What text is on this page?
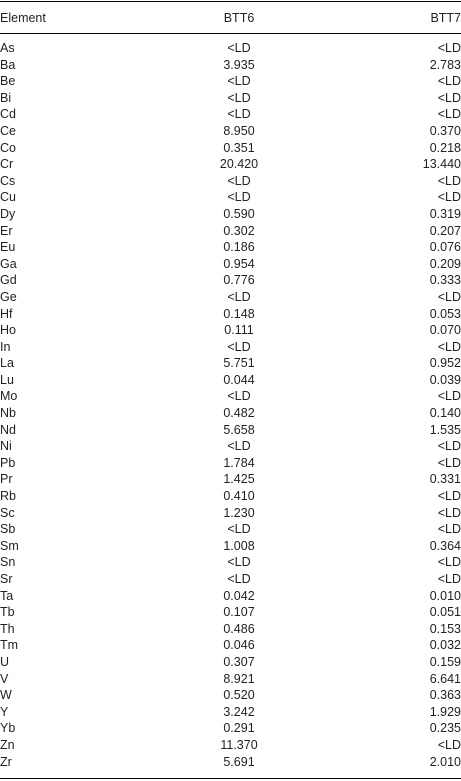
Element	BTT6	BTT7
As	<LD	<LD
Ba	3.935	2.783
Be	<LD	<LD
Bi	<LD	<LD
Cd	<LD	<LD
Ce	8.950	0.370
Co	0.351	0.218
Cr	20.420	13.440
Cs	<LD	<LD
Cu	<LD	<LD
Dy	0.590	0.319
Er	0.302	0.207
Eu	0.186	0.076
Ga	0.954	0.209
Gd	0.776	0.333
Ge	<LD	<LD
Hf	0.148	0.053
Ho	0.111	0.070
In	<LD	<LD
La	5.751	0.952
Lu	0.044	0.039
Mo	<LD	<LD
Nb	0.482	0.140
Nd	5.658	1.535
Ni	<LD	<LD
Pb	1.784	<LD
Pr	1.425	0.331
Rb	0.410	<LD
Sc	1.230	<LD
Sb	<LD	<LD
Sm	1.008	0.364
Sn	<LD	<LD
Sr	<LD	<LD
Ta	0.042	0.010
Tb	0.107	0.051
Th	0.486	0.153
Tm	0.046	0.032
U	0.307	0.159
V	8.921	6.641
W	0.520	0.363
Y	3.242	1.929
Yb	0.291	0.235
Zn	11.370	<LD
Zr	5.691	2.010
